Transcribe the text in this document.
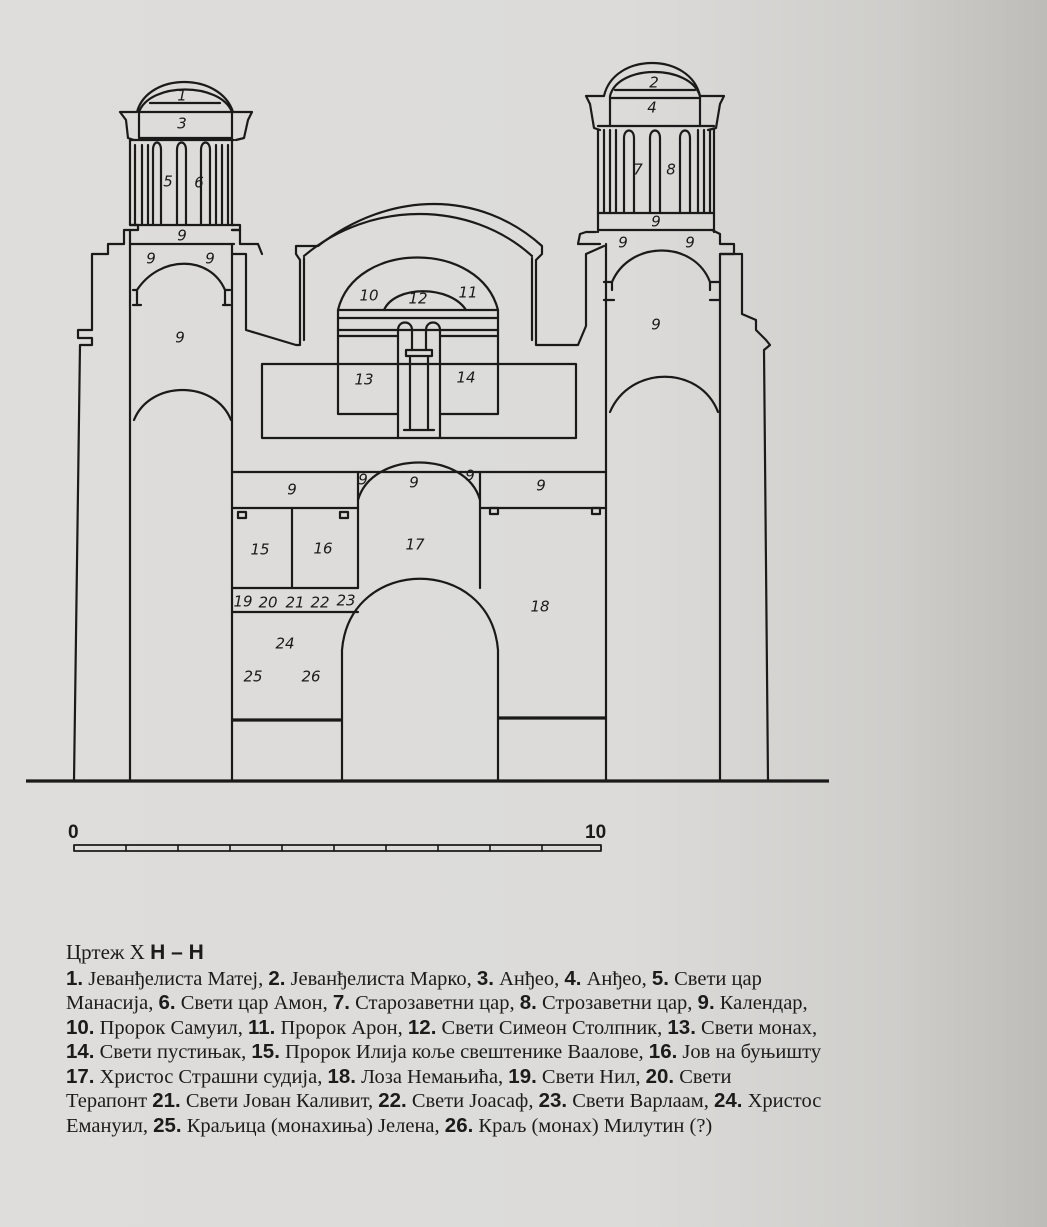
0	10
1
3
5 6
9
9	9
9
2
4
7 8
9
9	9
9
10 12 11
13	14
9
9	9	9
9
15	16	17
18
19 20 21 22 23
24
25	26
Цртеж Х Н – Н
1. Јеванђелиста Матеј, 2. Јеванђелиста Марко, 3. Анђео, 4. Анђео, 5. Свети цар
Манасија, 6. Свети цар Амон, 7. Старозаветни цар, 8. Строзаветни цар, 9. Календар,
10. Пророк Самуил, 11. Пророк Арон, 12. Свети Симеон Столпник, 13. Свети монах,
14. Свети пустињак, 15. Пророк Илија коље свештенике Ваалове, 16. Јов на буњишту
17. Христос Страшни судија, 18. Лоза Немањића, 19. Свети Нил, 20. Свети
Терапонт 21. Свети Јован Каливит, 22. Свети Јоасаф, 23. Свети Варлаам, 24. Христос
Емануил, 25. Краљица (монахиња) Јелена, 26. Краљ (монах) Милутин (?)
